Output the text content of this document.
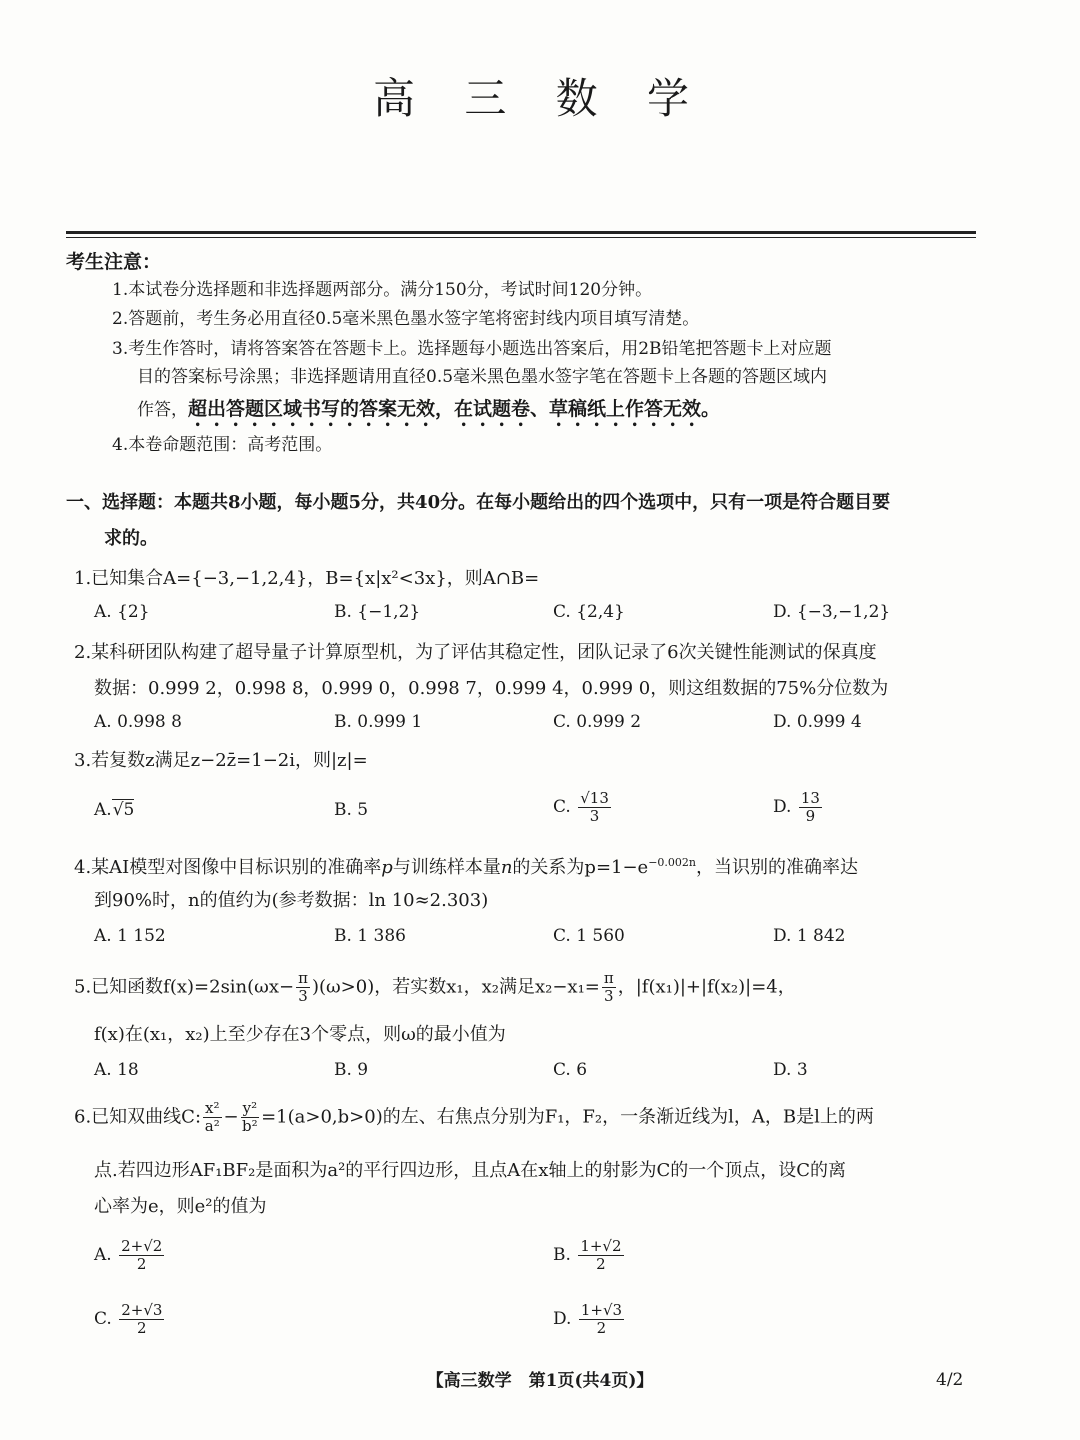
高 三 数 学
考生注意：
1.本试卷分选择题和非选择题两部分。满分150分，考试时间120分钟。
2.答题前，考生务必用直径0.5毫米黑色墨水签字笔将密封线内项目填写清楚。
3.考生作答时，请将答案答在答题卡上。选择题每小题选出答案后，用2B铅笔把答题卡上对应题
目的答案标号涂黑；非选择题请用直径0.5毫米黑色墨水签字笔在答题卡上各题的答题区域内
作答，超出答题区域书写的答案无效，在试题卷、草稿纸上作答无效。
4.本卷命题范围：高考范围。
一、选择题：本题共8小题，每小题5分，共40分。在每小题给出的四个选项中，只有一项是符合题目要
求的。
1.已知集合A={−3,−1,2,4}，B={x|x²<3x}，则A∩B=
A. {2}	B. {−1,2}	C. {2,4}	D. {−3,−1,2}
2.某科研团队构建了超导量子计算原型机，为了评估其稳定性，团队记录了6次关键性能测试的保真度
数据：0.999 2，0.998 8，0.999 0，0.998 7，0.999 4，0.999 0，则这组数据的75%分位数为
A. 0.998 8	B. 0.999 1	C. 0.999 2	D. 0.999 4
3.若复数z满足z−2z̄=1−2i，则|z|=
A.√5	B. 5	C. $\frac{√13}{3}$	D. $\frac{13}{9}$
4.某AI模型对图像中目标识别的准确率p与训练样本量n的关系为$p=1-e^{-0.002n}$，当识别的准确率达
到90%时，n的值约为(参考数据：ln 10≈2.303)
A. 1 152	B. 1 386	C. 1 560	D. 1 842
5.已知函数$f(x)=2\sin(\omega x- \frac{\pi}{3} )(\omega>0)$，若实数x₁，x₂满足$x_2-x_1= \frac{\pi}{3}$ ，|f(x₁)|+|f(x₂)|=4，
f(x)在(x₁，x₂)上至少存在3个零点，则ω的最小值为
A. 18	B. 9	C. 6	D. 3
6.已知双曲线C: $\frac{\text{x²}}{\text{a²}} - \frac{\text{y²}}{\text{b²}} =1(a>0,b>0)$的左、右焦点分别为F₁，F₂，一条渐近线为l，A，B是l上的两
点.若四边形AF₁BF₂是面积为a²的平行四边形，且点A在x轴上的射影为C的一个顶点，设C的离
心率为e，则e²的值为
A. $\frac{2+√2}{2}$	B. $\frac{1+√2}{2}$
C. $\frac{2+√3}{2}$	D. $\frac{1+√3}{2}$
【高三数学　第1页(共4页)】	4/2
